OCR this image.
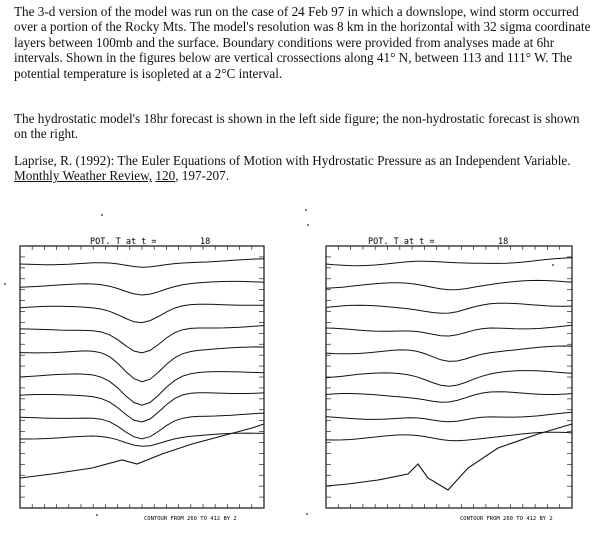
The 3-d version of the model was run on the case of 24 Feb 97 in which a downslope, wind storm occurred over a portion of the Rocky Mts. The model's resolution was 8 km in the horizontal with 32 sigma coordinate layers between 100mb and the surface. Boundary conditions were provided from analyses made at 6hr intervals. Shown in the figures below are vertical crossections along 41° N, between 113 and 111° W. The potential temperature is isopleted at a 2°C interval.

The hydrostatic model's 18hr forecast is shown in the left side figure; the non-hydrostatic forecast is shown on the right.

Laprise, R. (1992): The Euler Equations of Motion with Hydrostatic Pressure as an Independent Variable. Monthly Weather Review, 120, 197-207.

POT. T at t =	18
CONTOUR FROM 260 TO 412 BY 2
POT. T at t =	18
CONTOUR FROM 260 TO 412 BY 2
